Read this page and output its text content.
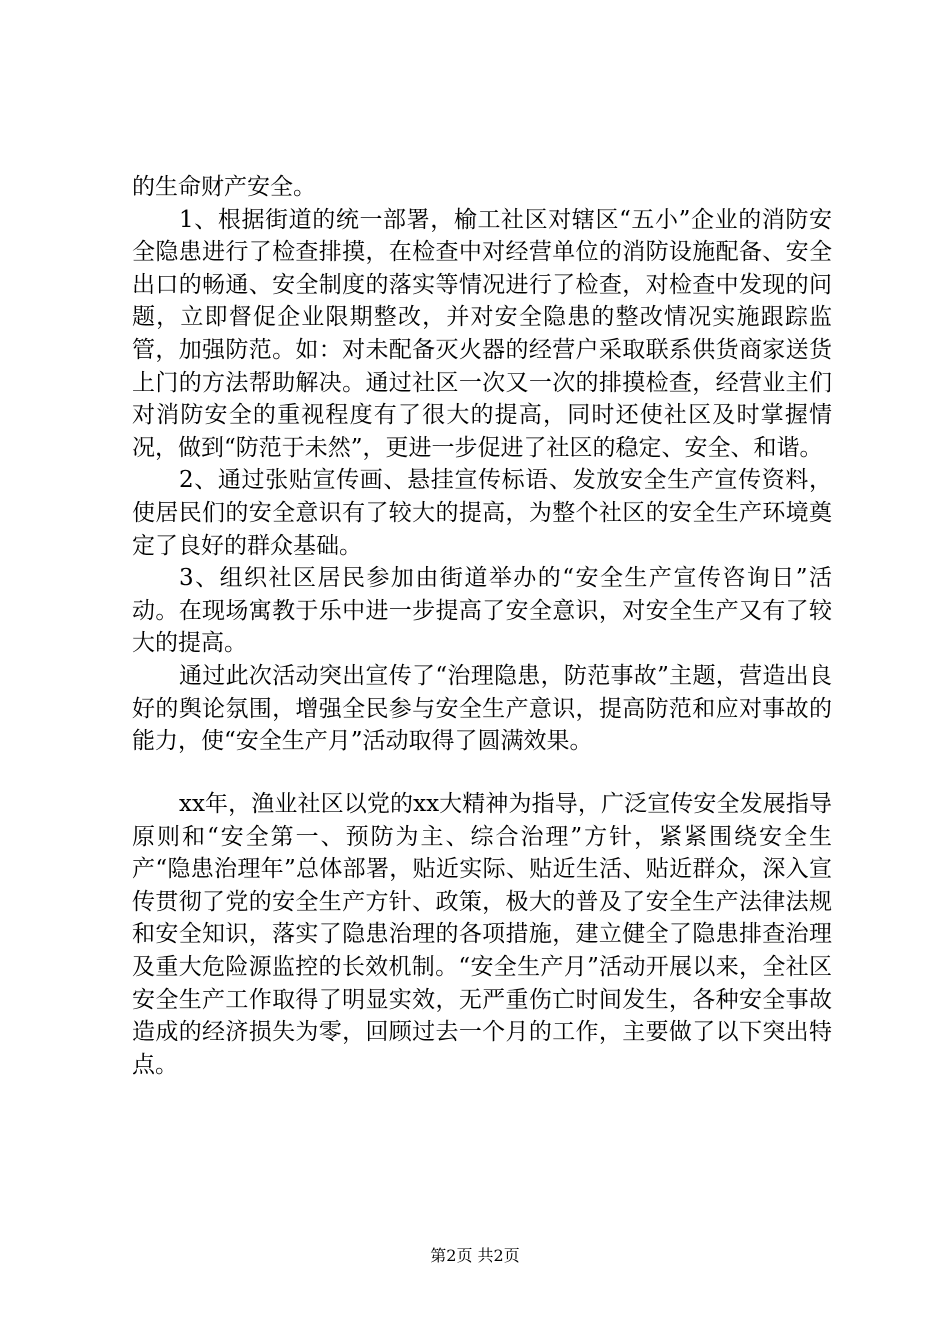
的生命财产安全。

1、根据街道的统一部署，榆工社区对辖区“五小”企业的消防安全隐患进行了检查排摸，在检查中对经营单位的消防设施配备、安全出口的畅通、安全制度的落实等情况进行了检查，对检查中发现的问题，立即督促企业限期整改，并对安全隐患的整改情况实施跟踪监管，加强防范。如：对未配备灭火器的经营户采取联系供货商家送货上门的方法帮助解决。通过社区一次又一次的排摸检查，经营业主们对消防安全的重视程度有了很大的提高，同时还使社区及时掌握情况，做到“防范于未然”，更进一步促进了社区的稳定、安全、和谐。

2、通过张贴宣传画、悬挂宣传标语、发放安全生产宣传资料，使居民们的安全意识有了较大的提高，为整个社区的安全生产环境奠定了良好的群众基础。

3、组织社区居民参加由街道举办的“安全生产宣传咨询日”活动。在现场寓教于乐中进一步提高了安全意识，对安全生产又有了较大的提高。

通过此次活动突出宣传了“治理隐患，防范事故”主题，营造出良好的舆论氛围，增强全民参与安全生产意识，提高防范和应对事故的能力，使“安全生产月”活动取得了圆满效果。

xx年，渔业社区以党的xx大精神为指导，广泛宣传安全发展指导原则和“安全第一、预防为主、综合治理”方针，紧紧围绕安全生产“隐患治理年”总体部署，贴近实际、贴近生活、贴近群众，深入宣传贯彻了党的安全生产方针、政策，极大的普及了安全生产法律法规和安全知识，落实了隐患治理的各项措施，建立健全了隐患排查治理及重大危险源监控的长效机制。“安全生产月”活动开展以来，全社区安全生产工作取得了明显实效，无严重伤亡时间发生，各种安全事故造成的经济损失为零，回顾过去一个月的工作，主要做了以下突出特点。

第2页 共2页
